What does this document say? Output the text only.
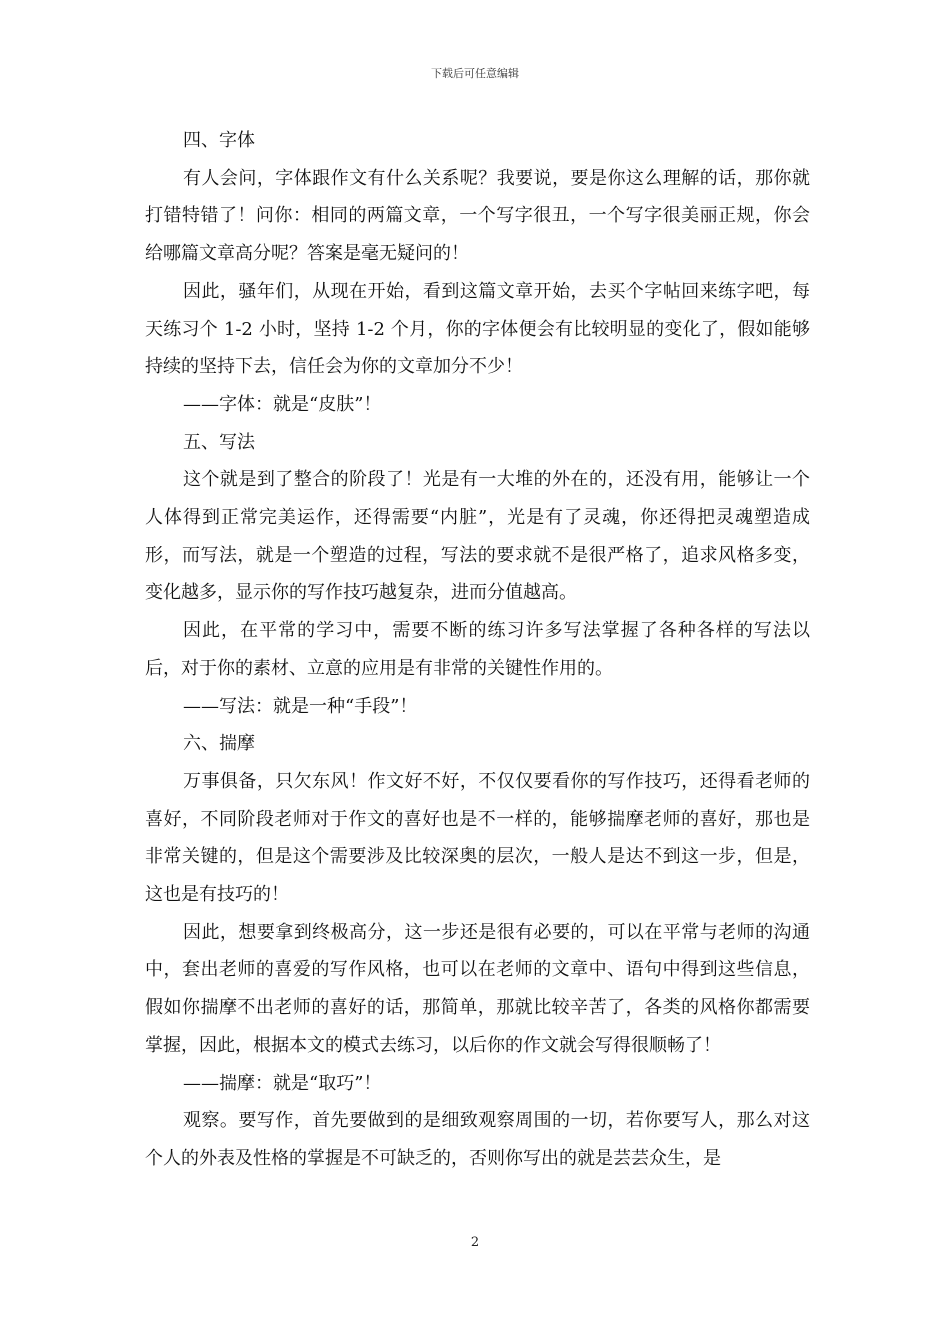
下载后可任意编辑

四、字体

有人会问，字体跟作文有什么关系呢？我要说，要是你这么理解的话，那你就打错特错了！问你：相同的两篇文章，一个写字很丑，一个写字很美丽正规，你会给哪篇文章高分呢？答案是毫无疑问的！

因此，骚年们，从现在开始，看到这篇文章开始，去买个字帖回来练字吧，每天练习个 1-2 小时，坚持 1-2 个月，你的字体便会有比较明显的变化了，假如能够持续的坚持下去，信任会为你的文章加分不少！

——字体：就是“皮肤”！

五、写法

这个就是到了整合的阶段了！光是有一大堆的外在的，还没有用，能够让一个人体得到正常完美运作，还得需要“内脏”，光是有了灵魂，你还得把灵魂塑造成形，而写法，就是一个塑造的过程，写法的要求就不是很严格了，追求风格多变，变化越多，显示你的写作技巧越复杂，进而分值越高。

因此，在平常的学习中，需要不断的练习许多写法掌握了各种各样的写法以后，对于你的素材、立意的应用是有非常的关键性作用的。

——写法：就是一种“手段”！

六、揣摩

万事俱备，只欠东风！作文好不好，不仅仅要看你的写作技巧，还得看老师的喜好，不同阶段老师对于作文的喜好也是不一样的，能够揣摩老师的喜好，那也是非常关键的，但是这个需要涉及比较深奥的层次，一般人是达不到这一步，但是，这也是有技巧的！

因此，想要拿到终极高分，这一步还是很有必要的，可以在平常与老师的沟通中，套出老师的喜爱的写作风格，也可以在老师的文章中、语句中得到这些信息，假如你揣摩不出老师的喜好的话，那简单，那就比较辛苦了，各类的风格你都需要掌握，因此，根据本文的模式去练习，以后你的作文就会写得很顺畅了！

——揣摩：就是“取巧”！

观察。要写作，首先要做到的是细致观察周围的一切，若你要写人，那么对这个人的外表及性格的掌握是不可缺乏的，否则你写出的就是芸芸众生，是

2
